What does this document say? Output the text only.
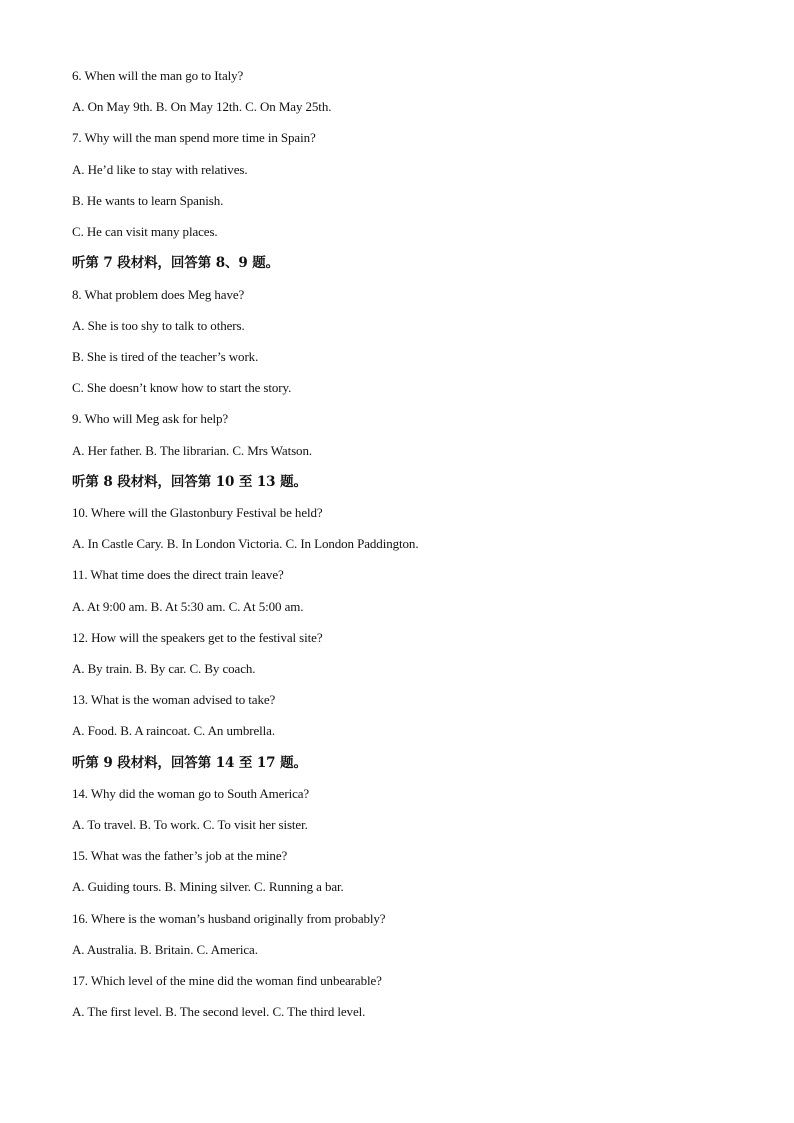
6. When will the man go to Italy?
A. On May 9th. B. On May 12th. C. On May 25th.
7. Why will the man spend more time in Spain?
A. He’d like to stay with relatives.
B. He wants to learn Spanish.
C. He can visit many places.
听第 7 段材料，回答第 8、9 题。
8. What problem does Meg have?
A. She is too shy to talk to others.
B. She is tired of the teacher’s work.
C. She doesn’t know how to start the story.
9. Who will Meg ask for help?
A. Her father. B. The librarian. C. Mrs Watson.
听第 8 段材料，回答第 10 至 13 题。
10. Where will the Glastonbury Festival be held?
A. In Castle Cary. B. In London Victoria. C. In London Paddington.
11. What time does the direct train leave?
A. At 9:00 am. B. At 5:30 am. C. At 5:00 am.
12. How will the speakers get to the festival site?
A. By train. B. By car. C. By coach.
13. What is the woman advised to take?
A. Food. B. A raincoat. C. An umbrella.
听第 9 段材料，回答第 14 至 17 题。
14. Why did the woman go to South America?
A. To travel. B. To work. C. To visit her sister.
15. What was the father’s job at the mine?
A. Guiding tours. B. Mining silver. C. Running a bar.
16. Where is the woman’s husband originally from probably?
A. Australia. B. Britain. C. America.
17. Which level of the mine did the woman find unbearable?
A. The first level. B. The second level. C. The third level.
